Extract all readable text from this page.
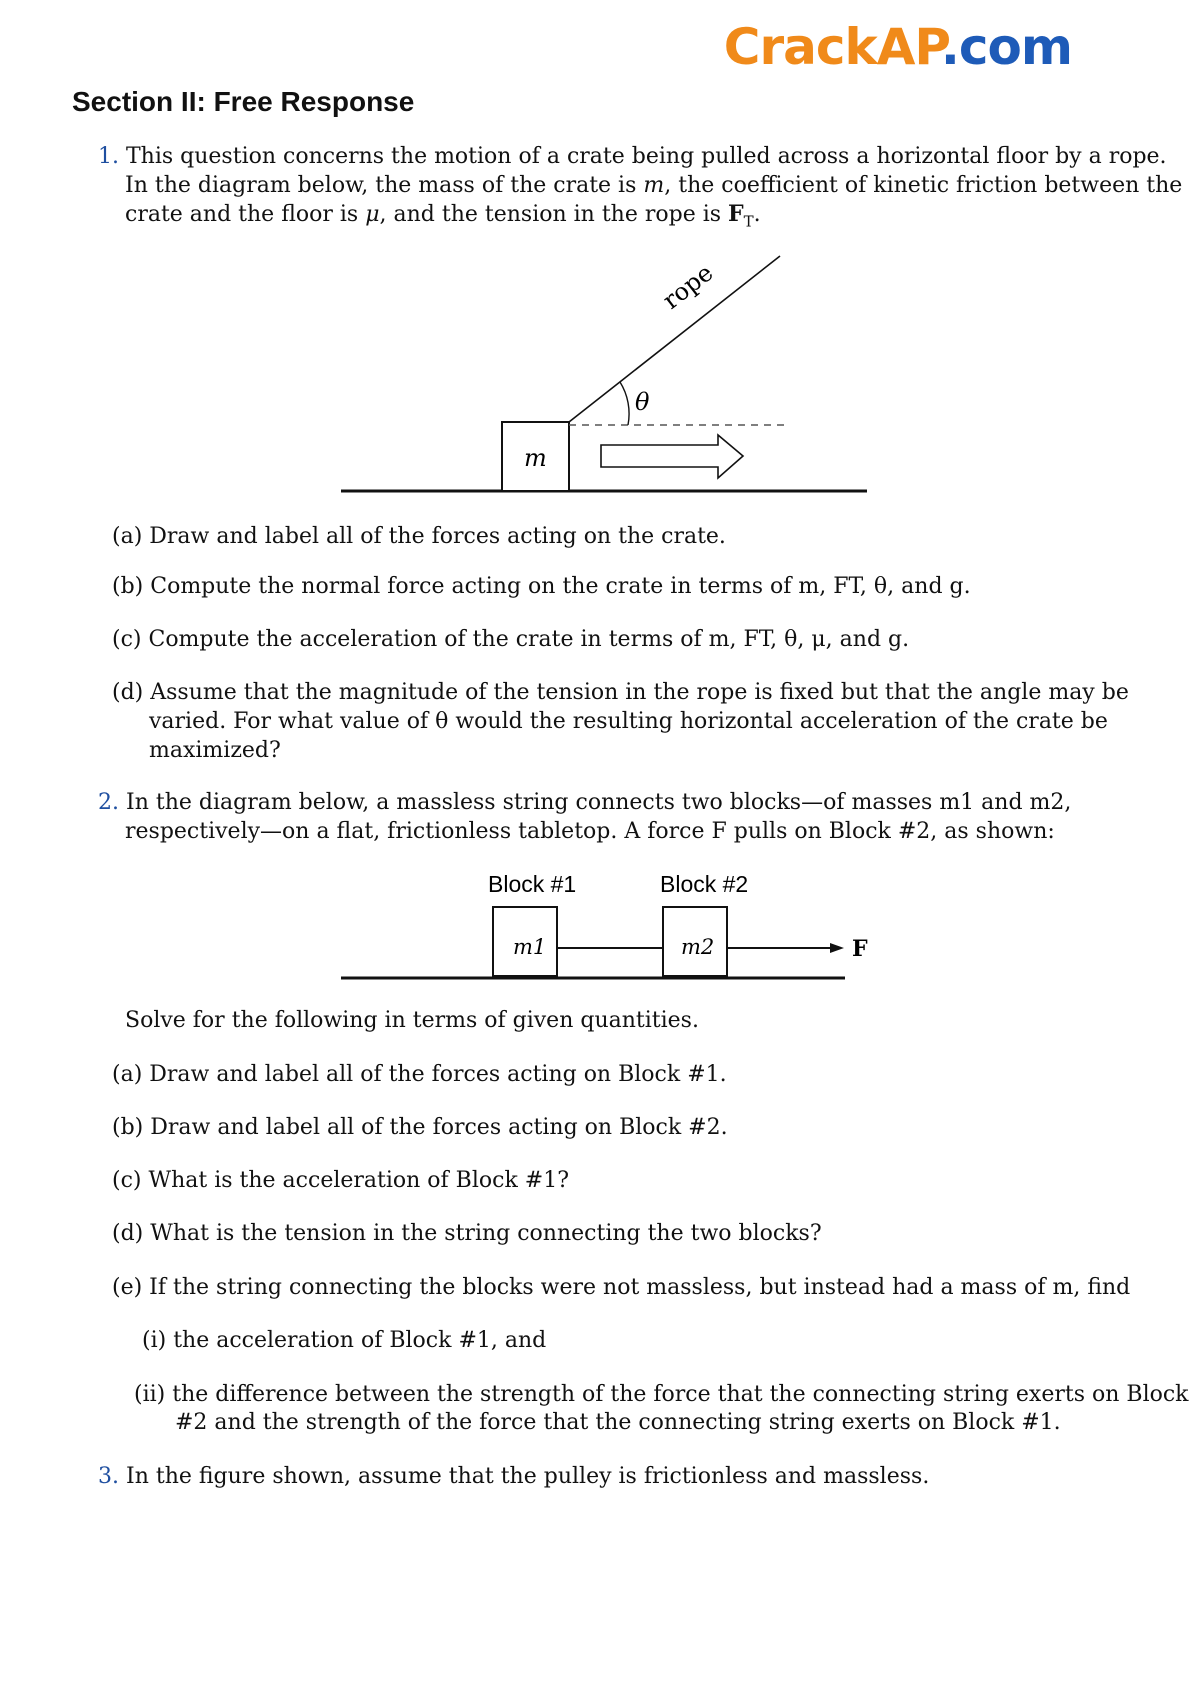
CrackAP.com
Section II: Free Response
1. This question concerns the motion of a crate being pulled across a horizontal floor by a rope.
In the diagram below, the mass of the crate is m, the coefficient of kinetic friction between the
crate and the floor is μ, and the tension in the rope is $F_T$.
rope
θ
m
(a) Draw and label all of the forces acting on the crate.
(b) Compute the normal force acting on the crate in terms of m, FT, θ, and g.
(c) Compute the acceleration of the crate in terms of m, FT, θ, μ, and g.
(d) Assume that the magnitude of the tension in the rope is fixed but that the angle may be
varied. For what value of θ would the resulting horizontal acceleration of the crate be
maximized?
2. In the diagram below, a massless string connects two blocks—of masses m1 and m2,
respectively—on a flat, frictionless tabletop. A force F pulls on Block #2, as shown:
Block #1	Block #2
F
m1	m2
Solve for the following in terms of given quantities.
(a) Draw and label all of the forces acting on Block #1.
(b) Draw and label all of the forces acting on Block #2.
(c) What is the acceleration of Block #1?
(d) What is the tension in the string connecting the two blocks?
(e) If the string connecting the blocks were not massless, but instead had a mass of m, find
(i) the acceleration of Block #1, and
(ii) the difference between the strength of the force that the connecting string exerts on Block
#2 and the strength of the force that the connecting string exerts on Block #1.
3. In the figure shown, assume that the pulley is frictionless and massless.
